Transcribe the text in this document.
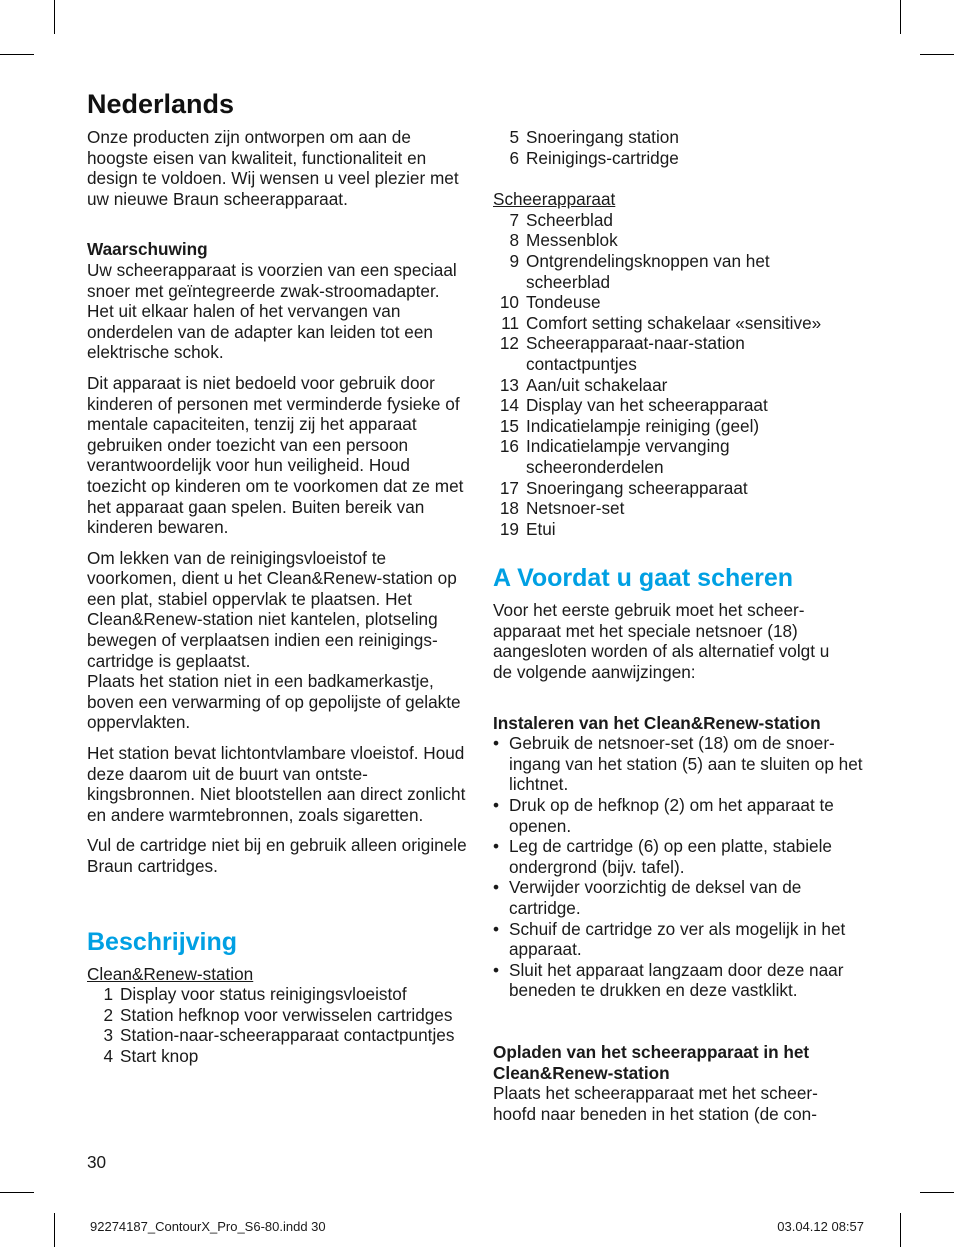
Nederlands

Onze producten zijn ontworpen om aan de hoogste eisen van kwaliteit, functionaliteit en design te voldoen. Wij wensen u veel plezier met uw nieuwe Braun scheerapparaat.

Waarschuwing

Uw scheerapparaat is voorzien van een speciaal snoer met geïntegreerde zwak-stroomadapter. Het uit elkaar halen of het vervangen van onderdelen van de adapter kan leiden tot een elektrische schok.

Dit apparaat is niet bedoeld voor gebruik door kinderen of personen met verminderde fysieke of mentale capaciteiten, tenzij zij het apparaat gebruiken onder toezicht van een persoon verantwoordelijk voor hun veiligheid. Houd toezicht op kinderen om te voorkomen dat ze met het apparaat gaan spelen. Buiten bereik van kinderen bewaren.

Om lekken van de reinigingsvloeistof te voorkomen, dient u het Clean&Renew-station op een plat, stabiel oppervlak te plaatsen. Het Clean&Renew-station niet kantelen, plotseling bewegen of verplaatsen indien een reinigings-cartridge is geplaatst.

Plaats het station niet in een badkamerkastje, boven een verwarming of op gepolijste of gelakte oppervlakten.

Het station bevat lichtontvlambare vloeistof. Houd deze daarom uit de buurt van ontste-kingsbronnen. Niet blootstellen aan direct zonlicht en andere warmtebronnen, zoals sigaretten.

Vul de cartridge niet bij en gebruik alleen originele Braun cartridges.

Beschrijving
Clean&Renew-station
1 Display voor status reinigingsvloeistof
2 Station hefknop voor verwisselen cartridges
3 Station-naar-scheerapparaat contactpuntjes
4 Start knop
30
5 Snoeringang station
6 Reinigings-cartridge
Scheerapparaat
7 Scheerblad
8 Messenblok
9 Ontgrendelingsknoppen van het scheerblad
10 Tondeuse
11 Comfort setting schakelaar «sensitive»
12 Scheerapparaat-naar-station contactpuntjes
13 Aan/uit schakelaar
14 Display van het scheerapparaat
15 Indicatielampje reiniging (geel)
16 Indicatielampje vervanging scheeronderdelen
17 Snoeringang scheerapparaat
18 Netsnoer-set
19 Etui
A Voordat u gaat scheren

Voor het eerste gebruik moet het scheer-apparaat met het speciale netsnoer (18) aangesloten worden of als alternatief volgt u de volgende aanwijzingen:

Instaleren van het Clean&Renew-station

• Gebruik de netsnoer-set (18) om de snoer-ingang van het station (5) aan te sluiten op het lichtnet.
• Druk op de hefknop (2) om het apparaat te openen.
• Leg de cartridge (6) op een platte, stabiele ondergrond (bijv. tafel).
• Verwijder voorzichtig de deksel van de cartridge.
• Schuif de cartridge zo ver als mogelijk in het apparaat.
• Sluit het apparaat langzaam door deze naar beneden te drukken en deze vastklikt.

Opladen van het scheerapparaat in het Clean&Renew-station

Plaats het scheerapparaat met het scheer-hoofd naar beneden in het station (de con-

92274187_ContourX_Pro_S6-80.indd 30	03.04.12 08:57
